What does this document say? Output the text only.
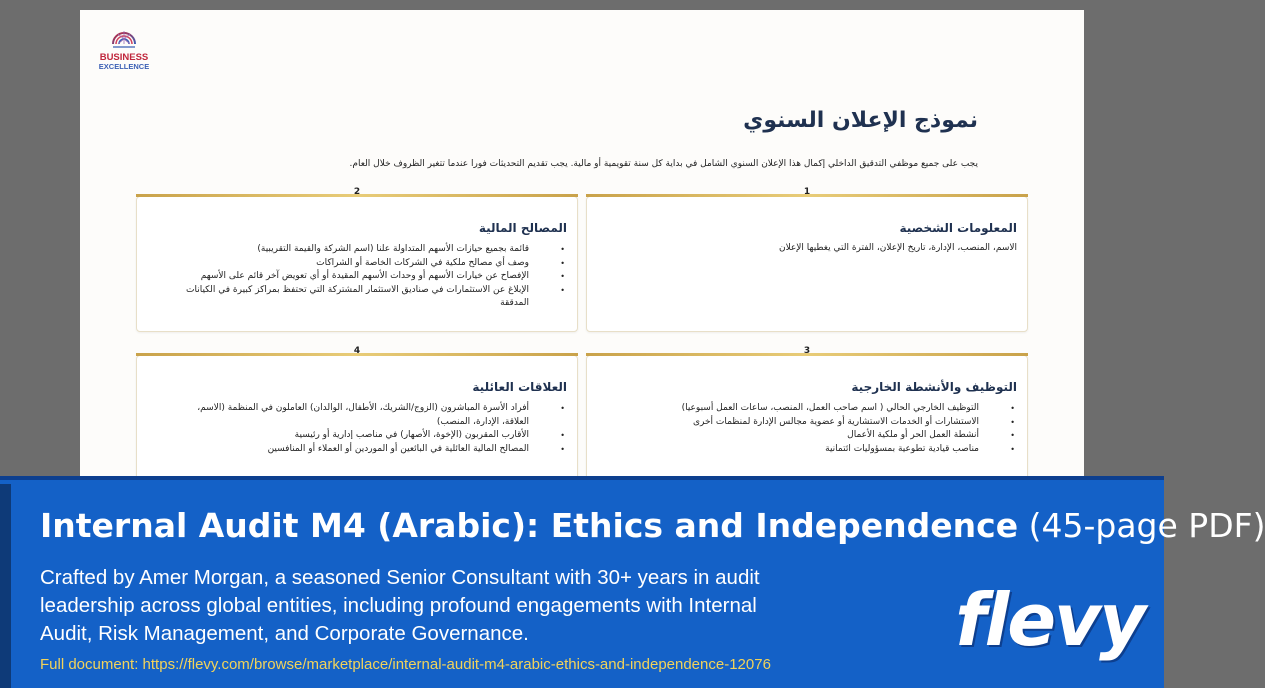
BUSINESS
EXCELLENCE
نموذج الإعلان السنوي
يجب على جميع موظفي التدقيق الداخلي إكمال هذا الإعلان السنوي الشامل في بداية كل سنة تقويمية أو مالية. يجب تقديم التحديثات فورا عندما تتغير الظروف خلال العام.
1
المعلومات الشخصية
الاسم، المنصب، الإدارة، تاريخ الإعلان، الفترة التي يغطيها الإعلان
2
المصالح المالية
• قائمة بجميع حيازات الأسهم المتداولة علنا (اسم الشركة والقيمة التقريبية)
• وصف أي مصالح ملكية في الشركات الخاصة أو الشراكات
• الإفصاح عن خيارات الأسهم أو وحدات الأسهم المقيدة أو أي تعويض آخر قائم على الأسهم
• الإبلاغ عن الاستثمارات في صناديق الاستثمار المشتركة التي تحتفظ بمراكز كبيرة في الكيانات المدققة
3
التوظيف والأنشطة الخارجية
• التوظيف الخارجي الحالي ( اسم صاحب العمل، المنصب، ساعات العمل أسبوعيا)
• الاستشارات أو الخدمات الاستشارية أو عضوية مجالس الإدارة لمنظمات أخرى
• أنشطة العمل الحر أو ملكية الأعمال
• مناصب قيادية تطوعية بمسؤوليات ائتمانية
4
العلاقات العائلية
• أفراد الأسرة المباشرون (الزوج/الشريك، الأطفال، الوالدان) العاملون في المنظمة (الاسم، العلاقة، الإدارة، المنصب)
• الأقارب المقربون (الإخوة، الأصهار) في مناصب إدارية أو رئيسية
• المصالح المالية العائلية في البائعين أو الموردين أو العملاء أو المنافسين
Internal Audit M4 (Arabic): Ethics and Independence (45-page PDF)
Crafted by Amer Morgan, a seasoned Senior Consultant with 30+ years in audit leadership across global entities, including profound engagements with Internal Audit, Risk Management, and Corporate Governance.
Full document: https://flevy.com/browse/marketplace/internal-audit-m4-arabic-ethics-and-independence-12076
flevy
